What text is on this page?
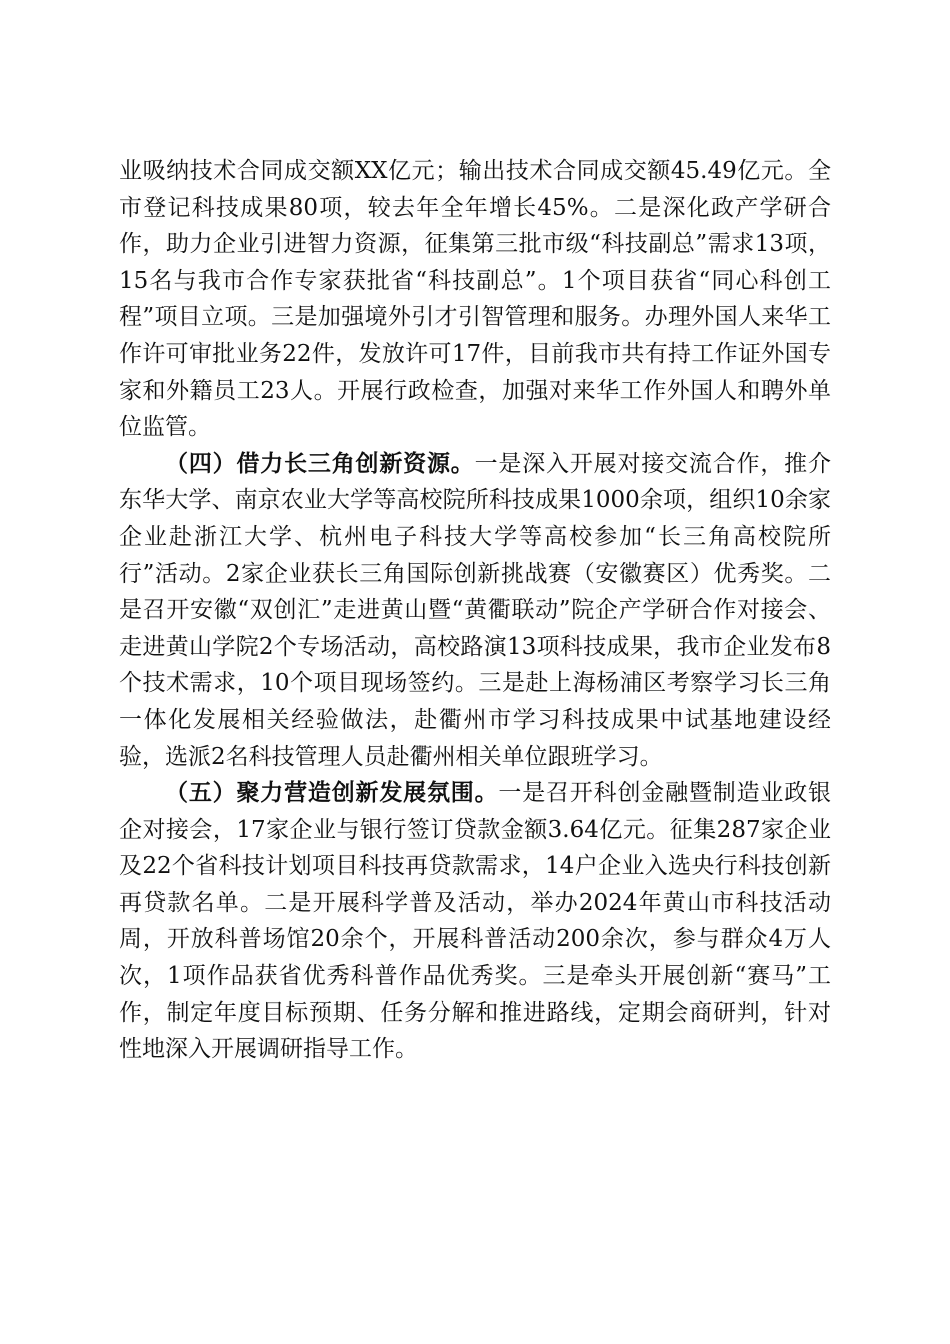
业吸纳技术合同成交额XX亿元；输出技术合同成交额45.49亿元。全市登记科技成果80项，较去年全年增长45%。二是深化政产学研合作，助力企业引进智力资源，征集第三批市级“科技副总”需求13项，15名与我市合作专家获批省“科技副总”。1个项目获省“同心科创工程”项目立项。三是加强境外引才引智管理和服务。办理外国人来华工作许可审批业务22件，发放许可17件，目前我市共有持工作证外国专家和外籍员工23人。开展行政检查，加强对来华工作外国人和聘外单位监管。

（四）借力长三角创新资源。一是深入开展对接交流合作，推介东华大学、南京农业大学等高校院所科技成果1000余项，组织10余家企业赴浙江大学、杭州电子科技大学等高校参加“长三角高校院所行”活动。2家企业获长三角国际创新挑战赛（安徽赛区）优秀奖。二是召开安徽“双创汇”走进黄山暨“黄衢联动”院企产学研合作对接会、走进黄山学院2个专场活动，高校路演13项科技成果，我市企业发布8个技术需求，10个项目现场签约。三是赴上海杨浦区考察学习长三角一体化发展相关经验做法，赴衢州市学习科技成果中试基地建设经验，选派2名科技管理人员赴衢州相关单位跟班学习。

（五）聚力营造创新发展氛围。一是召开科创金融暨制造业政银企对接会，17家企业与银行签订贷款金额3.64亿元。征集287家企业及22个省科技计划项目科技再贷款需求，14户企业入选央行科技创新再贷款名单。二是开展科学普及活动，举办2024年黄山市科技活动周，开放科普场馆20余个，开展科普活动200余次，参与群众4万人次，1项作品获省优秀科普作品优秀奖。三是牵头开展创新“赛马”工作，制定年度目标预期、任务分解和推进路线，定期会商研判，针对性地深入开展调研指导工作。
